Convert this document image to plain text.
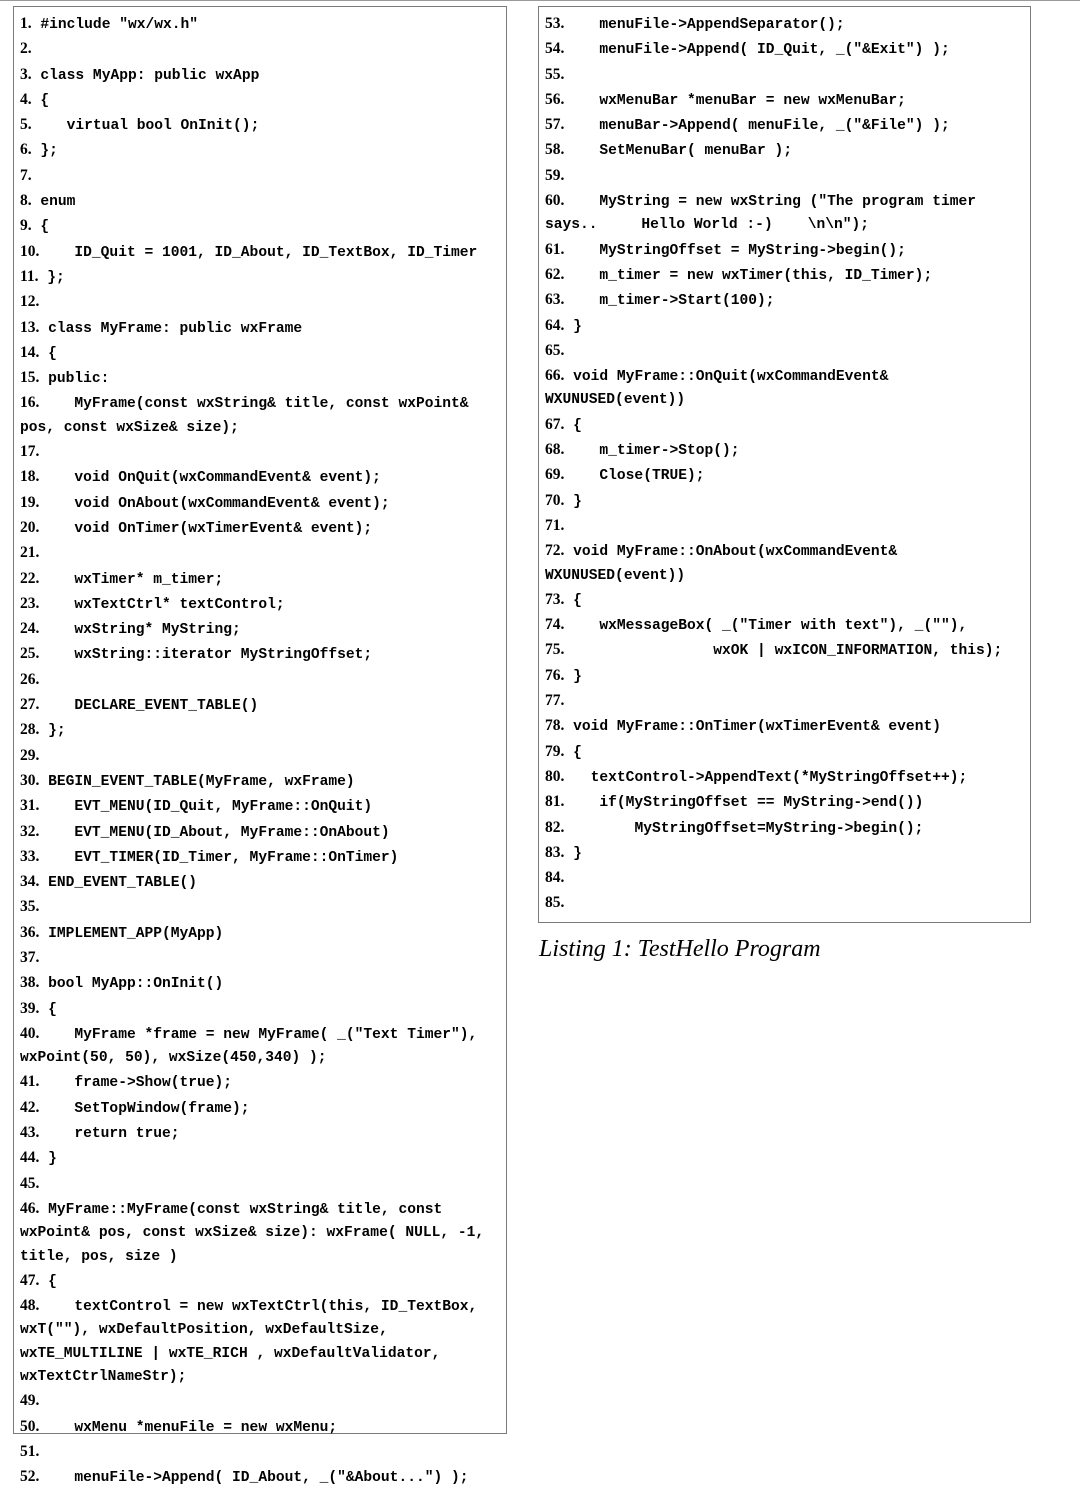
1. #include "wx/wx.h"
2.
3. class MyApp: public wxApp
4. {
5. virtual bool OnInit();
6. };
7.
8. enum
9. {
10. ID_Quit = 1001, ID_About, ID_TextBox, ID_Timer
11. };
12.
13. class MyFrame: public wxFrame
14. {
15. public:
16. MyFrame(const wxString& title, const wxPoint& pos, const wxSize& size);
17.
18. void OnQuit(wxCommandEvent& event);
19. void OnAbout(wxCommandEvent& event);
20. void OnTimer(wxTimerEvent& event);
21.
22. wxTimer* m_timer;
23. wxTextCtrl* textControl;
24. wxString* MyString;
25. wxString::iterator MyStringOffset;
26.
27. DECLARE_EVENT_TABLE()
28. };
29.
30. BEGIN_EVENT_TABLE(MyFrame, wxFrame)
31. EVT_MENU(ID_Quit, MyFrame::OnQuit)
32. EVT_MENU(ID_About, MyFrame::OnAbout)
33. EVT_TIMER(ID_Timer, MyFrame::OnTimer)
34. END_EVENT_TABLE()
35.
36. IMPLEMENT_APP(MyApp)
37.
38. bool MyApp::OnInit()
39. {
40. MyFrame *frame = new MyFrame( _("Text Timer"), wxPoint(50, 50), wxSize(450,340) );
41. frame->Show(true);
42. SetTopWindow(frame);
43. return true;
44. }
45.
46. MyFrame::MyFrame(const wxString& title, const wxPoint& pos, const wxSize& size): wxFrame( NULL, -1, title, pos, size )
47. {
48. textControl = new wxTextCtrl(this, ID_TextBox, wxT(""), wxDefaultPosition, wxDefaultSize, wxTE_MULTILINE | wxTE_RICH , wxDefaultValidator, wxTextCtrlNameStr);
49.
50. wxMenu *menuFile = new wxMenu;
51.
52. menuFile->Append( ID_About, _("&About...") );
53. menuFile->AppendSeparator();
54. menuFile->Append( ID_Quit, _("&Exit") );
55.
56. wxMenuBar *menuBar = new wxMenuBar;
57. menuBar->Append( menuFile, _("&File") );
58. SetMenuBar( menuBar );
59.
60. MyString = new wxString ("The program timer says..     Hello World :-)    \n\n");
61. MyStringOffset = MyString->begin();
62. m_timer = new wxTimer(this, ID_Timer);
63. m_timer->Start(100);
64. }
65.
66. void MyFrame::OnQuit(wxCommandEvent& WXUNUSED(event))
67. {
68. m_timer->Stop();
69. Close(TRUE);
70. }
71.
72. void MyFrame::OnAbout(wxCommandEvent& WXUNUSED(event))
73. {
74. wxMessageBox( _("Timer with text"), _(""),
75.	wxOK | wxICON_INFORMATION, this);
76. }
77.
78. void MyFrame::OnTimer(wxTimerEvent& event)
79. {
80. textControl->AppendText(*MyStringOffset++);
81. if(MyStringOffset == MyString->end())
82.	MyStringOffset=MyString->begin();
83. }
84.
85.

Listing 1: TestHello Program
